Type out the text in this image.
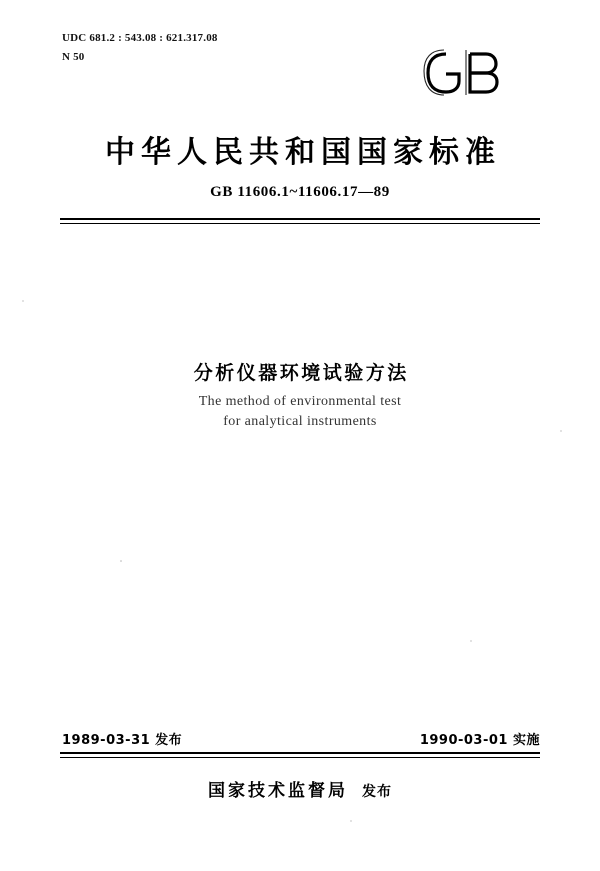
UDC 681.2 : 543.08 : 621.317.08
N 50
中华人民共和国国家标准
GB 11606.1~11606.17—89
分析仪器环境试验方法
The method of environmental test
for analytical instruments
1989-03-31 发布	1990-03-01 实施
国家技术监督局 发布
